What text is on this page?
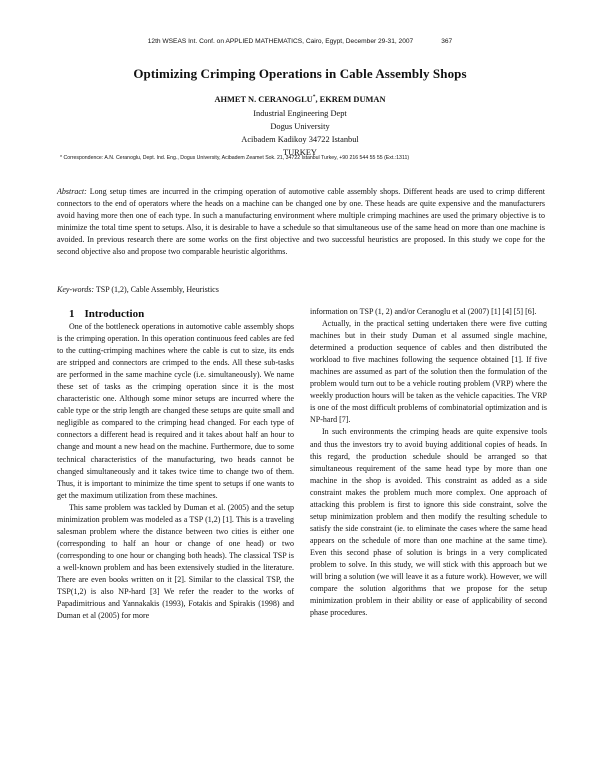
12th WSEAS Int. Conf. on APPLIED MATHEMATICS, Cairo, Egypt, December 29-31, 2007	367
Optimizing Crimping Operations in Cable Assembly Shops
AHMET N. CERANOGLU*, EKREM DUMAN
Industrial Engineering Dept
Dogus University
Acibadem Kadikoy 34722 Istanbul
TURKEY
* Correspondence: A.N. Ceranoglu, Dept. Ind. Eng., Dogus University, Acibadem Zeamet Sok. 21, 34722 Istanbul Turkey, +90 216 544 55 55 (Ext.:1311)
Abstract: Long setup times are incurred in the crimping operation of automotive cable assembly shops. Different heads are used to crimp different connectors to the end of operators where the heads on a machine can be changed one by one. These heads are quite expensive and the manufacturers avoid having more then one of each type. In such a manufacturing environment where multiple crimping machines are used the primary objective is to minimize the total time spent to setups. Also, it is desirable to have a schedule so that simultaneous use of the same head on more than one machine is avoided. In previous research there are some works on the first objective and two successful heuristics are proposed. In this study we cope for the second objective also and propose two comparable heuristic algorithms.
Key-words: TSP (1,2), Cable Assembly, Heuristics

1 Introduction

One of the bottleneck operations in automotive cable assembly shops is the crimping operation. In this operation continuous feed cables are fed to the cutting-crimping machines where the cable is cut to size, its ends are stripped and connectors are crimped to the ends. All these sub-tasks are performed in the same machine cycle (i.e. simultaneously). We name these set of tasks as the crimping operation since it is the most characteristic one. Although some minor setups are incurred where the cable type or the strip length are changed these setups are quite small and negligible as compared to the crimping head changed. For each type of connectors a different head is required and it takes about half an hour to change and mount a new head on the machine. Furthermore, due to some technical characteristics of the manufacturing, two heads cannot be changed simultaneously and it takes twice time to change two of them. Thus, it is important to minimize the time spent to setups if one wants to get the maximum utilization from these machines.

This same problem was tackled by Duman et al. (2005) and the setup minimization problem was modeled as a TSP (1,2) [1]. This is a traveling salesman problem where the distance between two cities is either one (corresponding to half an hour or change of one head) or two (corresponding to one hour or changing both heads). The classical TSP is a well-known problem and has been extensively studied in the literature. There are even books written on it [2]. Similar to the classical TSP, the TSP(1,2) is also NP-hard [3] We refer the reader to the works of Papadimitrious and Yannakakis (1993), Fotakis and Spirakis (1998) and Duman et al (2005) for more

information on TSP (1, 2) and/or Ceranoglu et al (2007) [1] [4] [5] [6].

Actually, in the practical setting undertaken there were five cutting machines but in their study Duman et al assumed single machine, determined a production sequence of cables and then distributed the workload to five machines following the sequence obtained [1]. If five machines are assumed as part of the solution then the formulation of the problem would turn out to be a vehicle routing problem (VRP) where the weekly production hours will be taken as the vehicle capacities. The VRP is one of the most difficult problems of combinatorial optimization and is NP-hard [7].

In such environments the crimping heads are quite expensive tools and thus the investors try to avoid buying additional copies of heads. In this regard, the production schedule should be arranged so that simultaneous requirement of the same head type by more than one machine in the shop is avoided. This constraint as added as a side constraint makes the problem much more complex. One approach of attacking this problem is first to ignore this side constraint, solve the setup minimization problem and then modify the resulting schedule to satisfy the side constraint (ie. to eliminate the cases where the same head appears on the schedule of more than one machine at the same time). Even this second phase of solution is brings in a very complicated problem to solve. In this study, we will stick with this approach but we will bring a solution (we will leave it as a future work). However, we will compare the solution algorithms that we propose for the setup minimization problem in their ability or ease of applicability of second phase procedures.
